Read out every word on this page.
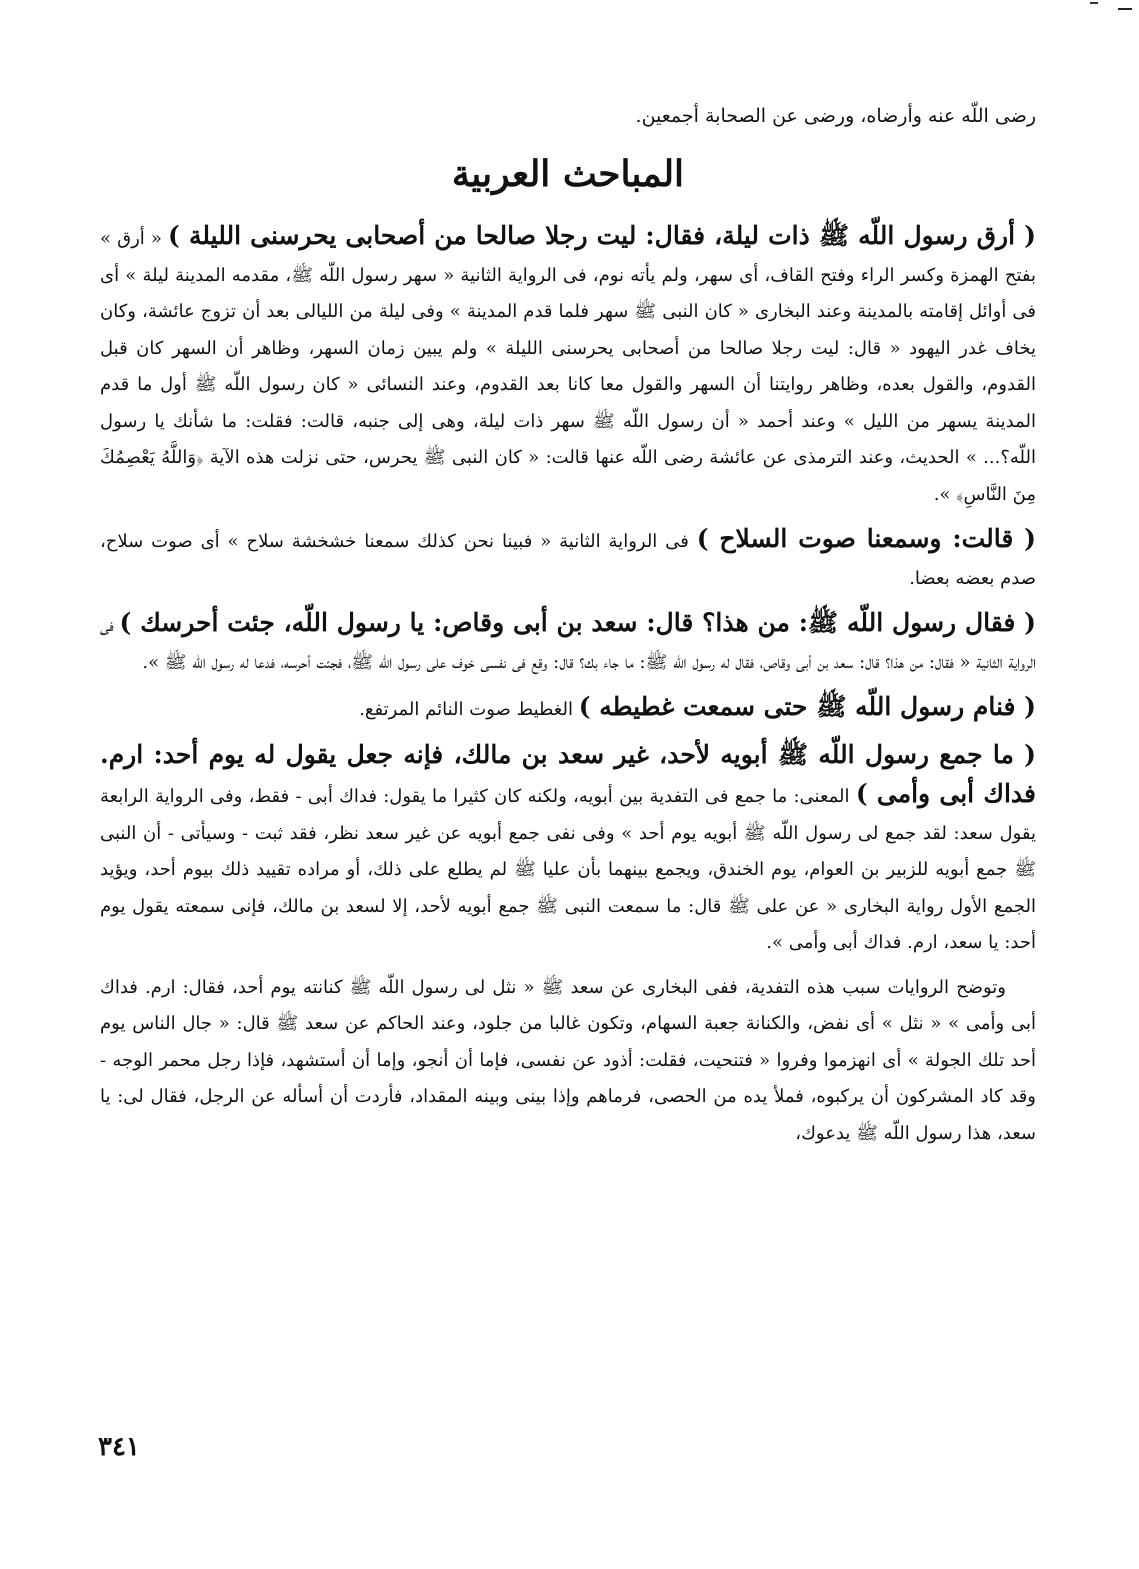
رضى اللّه عنه وأرضاه، ورضى عن الصحابة أجمعين.
المباحث العربية

( أرق رسول اللّه ﷺ ذات ليلة، فقال: ليت رجلا صالحا من أصحابى يحرسنى الليلة ) « أرق » بفتح الهمزة وكسر الراء وفتح القاف، أى سهر، ولم يأته نوم، فى الرواية الثانية « سهر رسول اللّه ﷺ، مقدمه المدينة ليلة » أى فى أوائل إقامته بالمدينة وعند البخارى « كان النبى ﷺ سهر فلما قدم المدينة » وفى ليلة من الليالى بعد أن تزوج عائشة، وكان يخاف غدر اليهود « قال: ليت رجلا صالحا من أصحابى يحرسنى الليلة » ولم يبين زمان السهر، وظاهر أن السهر كان قبل القدوم، والقول بعده، وظاهر روايتنا أن السهر والقول معا كانا بعد القدوم، وعند النسائى « كان رسول اللّه ﷺ أول ما قدم المدينة يسهر من الليل » وعند أحمد « أن رسول اللّه ﷺ سهر ذات ليلة، وهى إلى جنبه، قالت: فقلت: ما شأنك يا رسول اللّه؟... » الحديث، وعند الترمذى عن عائشة رضى اللّه عنها قالت: « كان النبى ﷺ يحرس، حتى نزلت هذه الآية ﴿وَاللَّهُ يَعْصِمُكَ مِنَ النَّاسِ﴾ ».

( قالت: وسمعنا صوت السلاح ) فى الرواية الثانية « فبينا نحن كذلك سمعنا خشخشة سلاح » أى صوت سلاح، صدم بعضه بعضا.

( فقال رسول اللّه ﷺ: من هذا؟ قال: سعد بن أبى وقاص: يا رسول اللّه، جئت أحرسك ) فى الرواية الثانية « فقال: من هذا؟ قال: سعد بن أبى وقاص، فقال له رسول اللّه ﷺ: ما جاء بك؟ قال: وقع فى نفسى خوف على رسول اللّه ﷺ، فجئت أحرسه، فدعا له رسول اللّه ﷺ ».

( فنام رسول اللّه ﷺ حتى سمعت غطيطه ) الغطيط صوت النائم المرتفع.

( ما جمع رسول اللّه ﷺ أبويه لأحد، غير سعد بن مالك، فإنه جعل يقول له يوم أحد: ارم. فداك أبى وأمى ) المعنى: ما جمع فى التفدية بين أبويه، ولكنه كان كثيرا ما يقول: فداك أبى - فقط، وفى الرواية الرابعة يقول سعد: لقد جمع لى رسول اللّه ﷺ أبويه يوم أحد » وفى نفى جمع أبويه عن غير سعد نظر، فقد ثبت - وسيأتى - أن النبى ﷺ جمع أبويه للزبير بن العوام، يوم الخندق، ويجمع بينهما بأن عليا ﷺ لم يطلع على ذلك، أو مراده تقييد ذلك بيوم أحد، ويؤيد الجمع الأول رواية البخارى « عن على ﷺ قال: ما سمعت النبى ﷺ جمع أبويه لأحد، إلا لسعد بن مالك، فإنى سمعته يقول يوم أحد: يا سعد، ارم. فداك أبى وأمى ».

وتوضح الروايات سبب هذه التفدية، ففى البخارى عن سعد ﷺ « نثل لى رسول اللّه ﷺ كنانته يوم أحد، فقال: ارم. فداك أبى وأمى » « نثل » أى نفض، والكنانة جعبة السهام، وتكون غالبا من جلود، وعند الحاكم عن سعد ﷺ قال: « جال الناس يوم أحد تلك الجولة » أى انهزموا وفروا « فتنحيت، فقلت: أذود عن نفسى، فإما أن أنجو، وإما أن أستشهد، فإذا رجل محمر الوجه - وقد كاد المشركون أن يركبوه، فملأ يده من الحصى، فرماهم وإذا بينى وبينه المقداد، فأردت أن أسأله عن الرجل، فقال لى: يا سعد، هذا رسول اللّه ﷺ يدعوك،

٣٤١
